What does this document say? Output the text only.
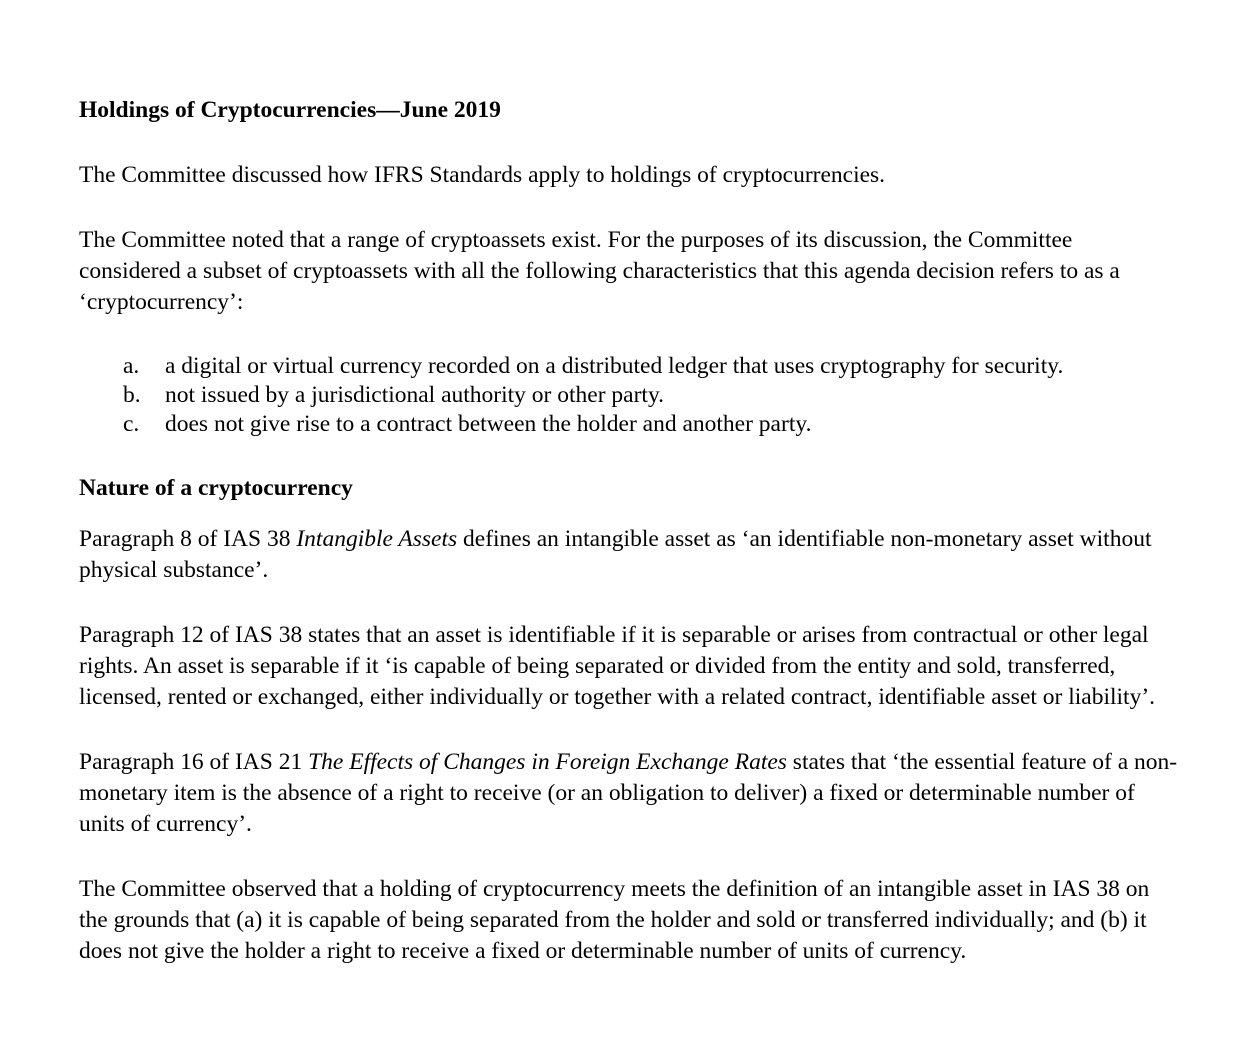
Holdings of Cryptocurrencies—June 2019

The Committee discussed how IFRS Standards apply to holdings of cryptocurrencies.

The Committee noted that a range of cryptoassets exist. For the purposes of its discussion, the Committee considered a subset of cryptoassets with all the following characteristics that this agenda decision refers to as a ‘cryptocurrency’:

a.	a digital or virtual currency recorded on a distributed ledger that uses cryptography for security.
b.	not issued by a jurisdictional authority or other party.
c.	does not give rise to a contract between the holder and another party.

Nature of a cryptocurrency

Paragraph 8 of IAS 38 Intangible Assets defines an intangible asset as ‘an identifiable non-monetary asset without physical substance’.

Paragraph 12 of IAS 38 states that an asset is identifiable if it is separable or arises from contractual or other legal rights. An asset is separable if it ‘is capable of being separated or divided from the entity and sold, transferred, licensed, rented or exchanged, either individually or together with a related contract, identifiable asset or liability’.

Paragraph 16 of IAS 21 The Effects of Changes in Foreign Exchange Rates states that ‘the essential feature of a non-monetary item is the absence of a right to receive (or an obligation to deliver) a fixed or determinable number of units of currency’.

The Committee observed that a holding of cryptocurrency meets the definition of an intangible asset in IAS 38 on the grounds that (a) it is capable of being separated from the holder and sold or transferred individually; and (b) it does not give the holder a right to receive a fixed or determinable number of units of currency.
